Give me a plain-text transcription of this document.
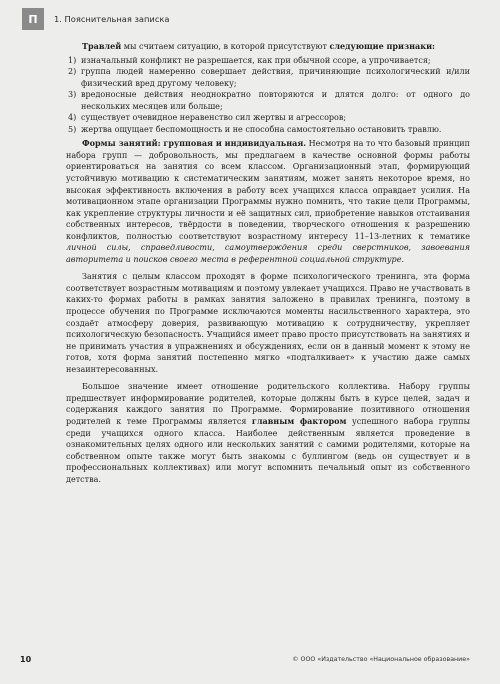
П	1. Пояснительная записка

Травлей мы считаем ситуацию, в которой присутствуют следующие признаки:

1) изначальный конфликт не разрешается, как при обычной ссоре, а упрочивается;
2) группа людей намеренно совершает действия, причиняющие психологический и/или физический вред другому человеку;
3) вредоносные действия неоднократно повторяются и длятся долго: от одного до нескольких месяцев или больше;
4) существует очевидное неравенство сил жертвы и агрессоров;
5) жертва ощущает беспомощность и не способна самостоятельно остановить травлю.

Формы занятий: групповая и индивидуальная. Несмотря на то что базовый принцип набора групп — добровольность, мы предлагаем в качестве основной формы работы ориентироваться на занятия со всем классом. Организационный этап, формирующий устойчивую мотивацию к систематическим занятиям, может занять некоторое время, но высокая эффективность включения в работу всех учащихся класса оправдает усилия. На мотивационном этапе организации Программы нужно помнить, что такие цели Программы, как укрепление структуры личности и её защитных сил, приобретение навыков отстаивания собственных интересов, твёрдости в поведении, творческого отношения к разрешению конфликтов, полностью соответствуют возрастному интересу 11–13-летних к тематике личной силы, справедливости, самоутверждения среди сверстников, завоевания авторитета и поисков своего места в референтной социальной структуре.

Занятия с целым классом проходят в форме психологического тренинга, эта форма соответствует возрастным мотивациям и поэтому увлекает учащихся. Право не участвовать в каких-то формах работы в рамках занятия заложено в правилах тренинга, поэтому в процессе обучения по Программе исключаются моменты насильственного характера, это создаёт атмосферу доверия, развивающую мотивацию к сотрудничеству, укрепляет психологическую безопасность. Учащийся имеет право просто присутствовать на занятиях и не принимать участия в упражнениях и обсуждениях, если он в данный момент к этому не готов, хотя форма занятий постепенно мягко «подталкивает» к участию даже самых незаинтересованных.

Большое значение имеет отношение родительского коллектива. Набору группы предшествует информирование родителей, которые должны быть в курсе целей, задач и содержания каждого занятия по Программе. Формирование позитивного отношения родителей к теме Программы является главным фактором успешного набора группы среди учащихся одного класса. Наиболее действенным является проведение в ознакомительных целях одного или нескольких занятий с самими родителями, которые на собственном опыте также могут быть знакомы с буллингом (ведь он существует и в профессиональных коллективах) или могут вспомнить печальный опыт из собственного детства.

10	© ООО «Издательство «Национальное образование»
